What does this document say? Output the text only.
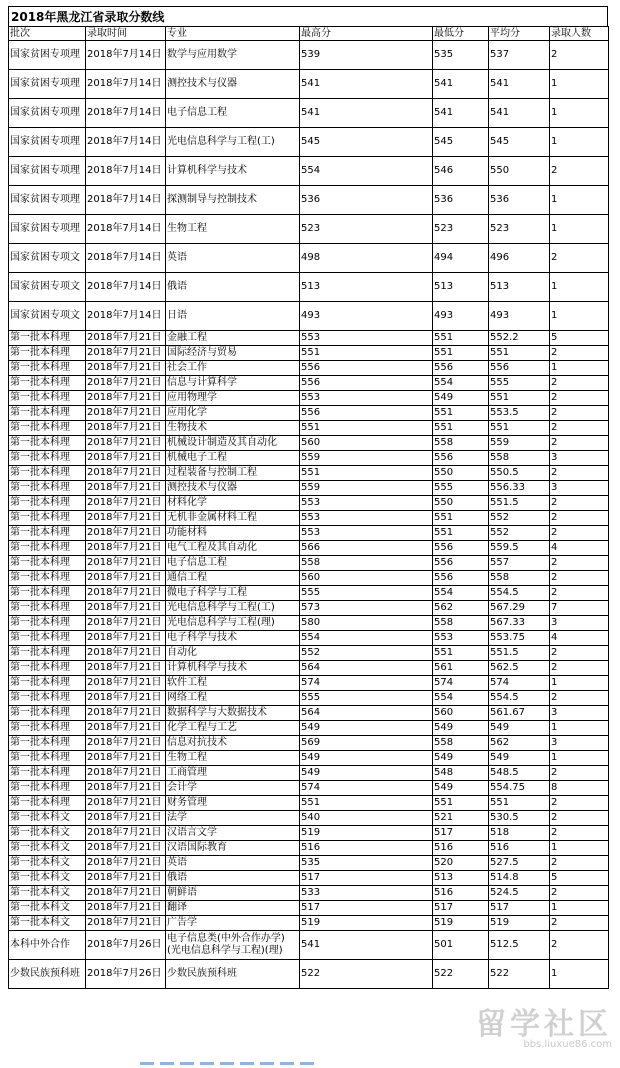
2018年黑龙江省录取分数线
批次	录取时间	专业	最高分	最低分	平均分	录取人数
国家贫困专项理	2018年7月14日	数学与应用数学	539	535	537	2
国家贫困专项理	2018年7月14日	测控技术与仪器	541	541	541	1
国家贫困专项理	2018年7月14日	电子信息工程	541	541	541	1
国家贫困专项理	2018年7月14日	光电信息科学与工程(工)	545	545	545	1
国家贫困专项理	2018年7月14日	计算机科学与技术	554	546	550	2
国家贫困专项理	2018年7月14日	探测制导与控制技术	536	536	536	1
国家贫困专项理	2018年7月14日	生物工程	523	523	523	1
国家贫困专项文	2018年7月14日	英语	498	494	496	2
国家贫困专项文	2018年7月14日	俄语	513	513	513	1
国家贫困专项文	2018年7月14日	日语	493	493	493	1
第一批本科理	2018年7月21日	金融工程	553	551	552.2	5
第一批本科理	2018年7月21日	国际经济与贸易	551	551	551	2
第一批本科理	2018年7月21日	社会工作	556	556	556	1
第一批本科理	2018年7月21日	信息与计算科学	556	554	555	2
第一批本科理	2018年7月21日	应用物理学	553	549	551	2
第一批本科理	2018年7月21日	应用化学	556	551	553.5	2
第一批本科理	2018年7月21日	生物技术	551	551	551	2
第一批本科理	2018年7月21日	机械设计制造及其自动化	560	558	559	2
第一批本科理	2018年7月21日	机械电子工程	559	556	558	3
第一批本科理	2018年7月21日	过程装备与控制工程	551	550	550.5	2
第一批本科理	2018年7月21日	测控技术与仪器	559	555	556.33	3
第一批本科理	2018年7月21日	材料化学	553	550	551.5	2
第一批本科理	2018年7月21日	无机非金属材料工程	553	551	552	2
第一批本科理	2018年7月21日	功能材料	553	551	552	2
第一批本科理	2018年7月21日	电气工程及其自动化	566	556	559.5	4
第一批本科理	2018年7月21日	电子信息工程	558	556	557	2
第一批本科理	2018年7月21日	通信工程	560	556	558	2
第一批本科理	2018年7月21日	微电子科学与工程	555	554	554.5	2
第一批本科理	2018年7月21日	光电信息科学与工程(工)	573	562	567.29	7
第一批本科理	2018年7月21日	光电信息科学与工程(理)	580	558	567.33	3
第一批本科理	2018年7月21日	电子科学与技术	554	553	553.75	4
第一批本科理	2018年7月21日	自动化	552	551	551.5	2
第一批本科理	2018年7月21日	计算机科学与技术	564	561	562.5	2
第一批本科理	2018年7月21日	软件工程	574	574	574	1
第一批本科理	2018年7月21日	网络工程	555	554	554.5	2
第一批本科理	2018年7月21日	数据科学与大数据技术	564	560	561.67	3
第一批本科理	2018年7月21日	化学工程与工艺	549	549	549	1
第一批本科理	2018年7月21日	信息对抗技术	569	558	562	3
第一批本科理	2018年7月21日	生物工程	549	549	549	1
第一批本科理	2018年7月21日	工商管理	549	548	548.5	2
第一批本科理	2018年7月21日	会计学	574	549	554.75	8
第一批本科理	2018年7月21日	财务管理	551	551	551	2
第一批本科文	2018年7月21日	法学	540	521	530.5	2
第一批本科文	2018年7月21日	汉语言文学	519	517	518	2
第一批本科文	2018年7月21日	汉语国际教育	516	516	516	1
第一批本科文	2018年7月21日	英语	535	520	527.5	2
第一批本科文	2018年7月21日	俄语	517	513	514.8	5
第一批本科文	2018年7月21日	朝鲜语	533	516	524.5	2
第一批本科文	2018年7月21日	翻译	517	517	517	1
第一批本科文	2018年7月21日	广告学	519	519	519	2
本科中外合作	2018年7月26日	电子信息类(中外合作办学)(光电信息科学与工程)(理)	541	501	512.5	2
少数民族预科班	2018年7月26日	少数民族预科班	522	522	522	1
留学社区
bbs.liuxue86.com
